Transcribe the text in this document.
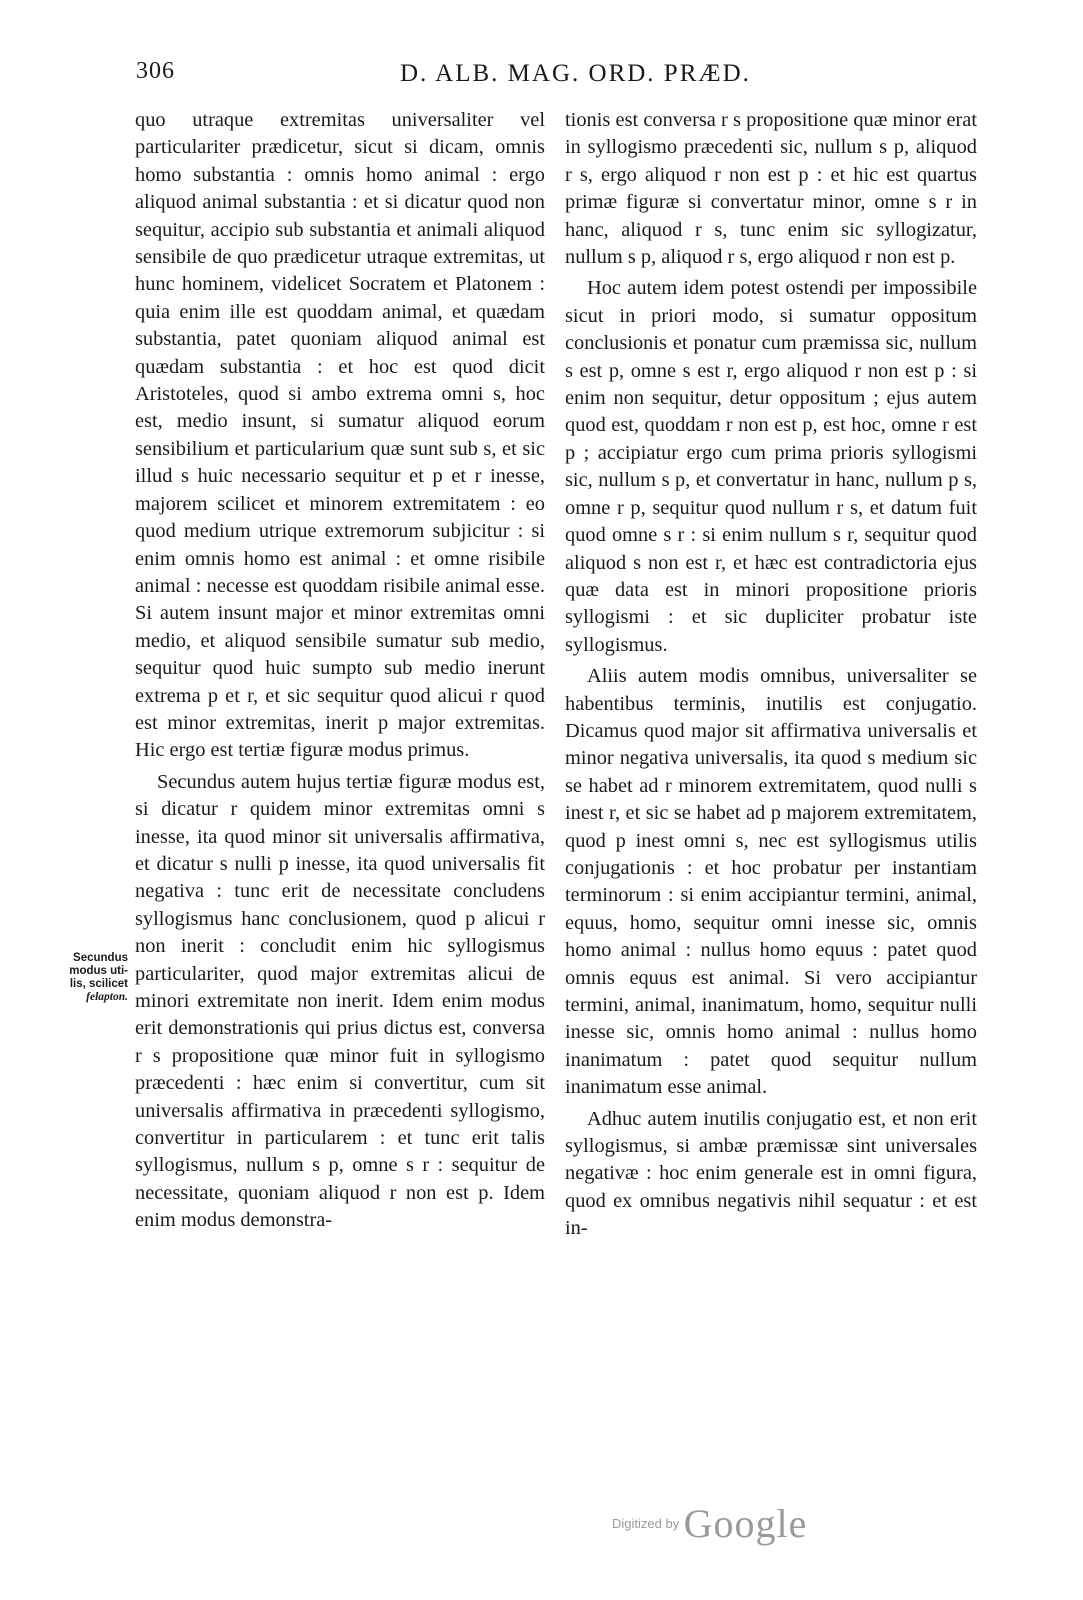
306	D. ALB. MAG. ORD. PRÆD.
Secundus
modus uti-
lis, scilicet
felapton.

quo utraque extremitas universaliter vel particulariter prædicetur, sicut si dicam, omnis homo substantia : omnis homo animal : ergo aliquod animal substantia : et si dicatur quod non sequitur, accipio sub substantia et animali aliquod sensibile de quo prædicetur utraque extremitas, ut hunc hominem, videlicet Socratem et Platonem : quia enim ille est quoddam animal, et quædam substantia, patet quoniam aliquod animal est quædam substantia : et hoc est quod dicit Aristoteles, quod si ambo extrema omni s, hoc est, medio insunt, si sumatur aliquod eorum sensibilium et particularium quæ sunt sub s, et sic illud s huic necessario sequitur et p et r inesse, majorem scilicet et minorem extremitatem : eo quod medium utrique extremorum subjicitur : si enim omnis homo est animal : et omne risibile animal : necesse est quoddam risibile animal esse. Si autem insunt major et minor extremitas omni medio, et aliquod sensibile sumatur sub medio, sequitur quod huic sumpto sub medio inerunt extrema p et r, et sic sequitur quod alicui r quod est minor extremitas, inerit p major extremitas. Hic ergo est tertiæ figuræ modus primus.

Secundus autem hujus tertiæ figuræ modus est, si dicatur r quidem minor extremitas omni s inesse, ita quod minor sit universalis affirmativa, et dicatur s nulli p inesse, ita quod universalis fit negativa : tunc erit de necessitate concludens syllogismus hanc conclusionem, quod p alicui r non inerit : concludit enim hic syllogismus particulariter, quod major extremitas alicui de minori extremitate non inerit. Idem enim modus erit demonstrationis qui prius dictus est, conversa r s propositione quæ minor fuit in syllogismo præcedenti : hæc enim si convertitur, cum sit universalis affirmativa in præcedenti syllogismo, convertitur in particularem : et tunc erit talis syllogismus, nullum s p, omne s r : sequitur de necessitate, quoniam aliquod r non est p. Idem enim modus demonstra-

tionis est conversa r s propositione quæ minor erat in syllogismo præcedenti sic, nullum s p, aliquod r s, ergo aliquod r non est p : et hic est quartus primæ figuræ si convertatur minor, omne s r in hanc, aliquod r s, tunc enim sic syllogizatur, nullum s p, aliquod r s, ergo aliquod r non est p.

Hoc autem idem potest ostendi per impossibile sicut in priori modo, si sumatur oppositum conclusionis et ponatur cum præmissa sic, nullum s est p, omne s est r, ergo aliquod r non est p : si enim non sequitur, detur oppositum ; ejus autem quod est, quoddam r non est p, est hoc, omne r est p ; accipiatur ergo cum prima prioris syllogismi sic, nullum s p, et convertatur in hanc, nullum p s, omne r p, sequitur quod nullum r s, et datum fuit quod omne s r : si enim nullum s r, sequitur quod aliquod s non est r, et hæc est contradictoria ejus quæ data est in minori propositione prioris syllogismi : et sic dupliciter probatur iste syllogismus.

Aliis autem modis omnibus, universaliter se habentibus terminis, inutilis est conjugatio. Dicamus quod major sit affirmativa universalis et minor negativa universalis, ita quod s medium sic se habet ad r minorem extremitatem, quod nulli s inest r, et sic se habet ad p majorem extremitatem, quod p inest omni s, nec est syllogismus utilis conjugationis : et hoc probatur per instantiam terminorum : si enim accipiantur termini, animal, equus, homo, sequitur omni inesse sic, omnis homo animal : nullus homo equus : patet quod omnis equus est animal. Si vero accipiantur termini, animal, inanimatum, homo, sequitur nulli inesse sic, omnis homo animal : nullus homo inanimatum : patet quod sequitur nullum inanimatum esse animal.

Adhuc autem inutilis conjugatio est, et non erit syllogismus, si ambæ præmissæ sint universales negativæ : hoc enim generale est in omni figura, quod ex omnibus negativis nihil sequatur : et est in-

Digitized by Google
